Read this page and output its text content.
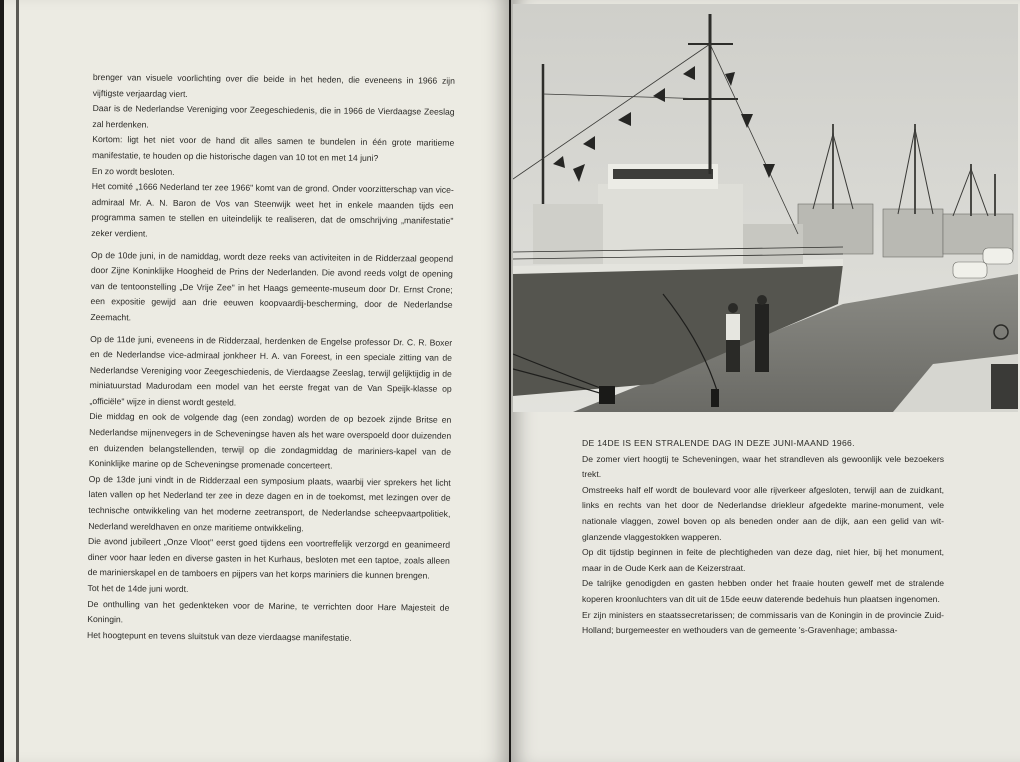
brenger van visuele voorlichting over die beide in het heden, die eveneens in 1966 zijn vijftigste verjaardag viert.

Daar is de Nederlandse Vereniging voor Zeegeschiedenis, die in 1966 de Vierdaagse Zeeslag zal herdenken.

Kortom: ligt het niet voor de hand dit alles samen te bundelen in één grote maritieme manifestatie, te houden op die historische dagen van 10 tot en met 14 juni?

En zo wordt besloten.

Het comité „1666 Nederland ter zee 1966" komt van de grond. Onder voorzitterschap van vice-admiraal Mr. A. N. Baron de Vos van Steenwijk weet het in enkele maanden tijds een programma samen te stellen en uiteindelijk te realiseren, dat de omschrijving „manifestatie" zeker verdient.

Op de 10de juni, in de namiddag, wordt deze reeks van activiteiten in de Ridderzaal geopend door Zijne Koninklijke Hoogheid de Prins der Nederlanden. Die avond reeds volgt de opening van de tentoonstelling „De Vrije Zee" in het Haags gemeente-museum door Dr. Ernst Crone; een expositie gewijd aan drie eeuwen koopvaardij-bescherming, door de Nederlandse Zeemacht.

Op de 11de juni, eveneens in de Ridderzaal, herdenken de Engelse professor Dr. C. R. Boxer en de Nederlandse vice-admiraal jonkheer H. A. van Foreest, in een speciale zitting van de Nederlandse Vereniging voor Zeegeschiedenis, de Vierdaagse Zeeslag, terwijl gelijktijdig in de miniatuurstad Madurodam een model van het eerste fregat van de Van Speijk-klasse op „officiële" wijze in dienst wordt gesteld.

Die middag en ook de volgende dag (een zondag) worden de op bezoek zijnde Britse en Nederlandse mijnenvegers in de Scheveningse haven als het ware overspoeld door duizenden en duizenden belangstellenden, terwijl op die zondagmiddag de mariniers-kapel van de Koninklijke marine op de Scheveningse promenade concerteert.

Op de 13de juni vindt in de Ridderzaal een symposium plaats, waarbij vier sprekers het licht laten vallen op het Nederland ter zee in deze dagen en in de toekomst, met lezingen over de technische ontwikkeling van het moderne zeetransport, de Nederlandse scheepvaartpolitiek, Nederland wereldhaven en onze maritieme ontwikkeling.

Die avond jubileert „Onze Vloot" eerst goed tijdens een voortreffelijk verzorgd en geanimeerd diner voor haar leden en diverse gasten in het Kurhaus, besloten met een taptoe, zoals alleen de marinierskapel en de tamboers en pijpers van het korps mariniers die kunnen brengen.

Tot het de 14de juni wordt.

De onthulling van het gedenkteken voor de Marine, te verrichten door Hare Majesteit de Koningin.

Het hoogtepunt en tevens sluitstuk van deze vierdaagse manifestatie.

DE 14DE IS EEN STRALENDE DAG IN DEZE JUNI-MAAND 1966.

De zomer viert hoogtij te Scheveningen, waar het strandleven als gewoonlijk vele bezoekers trekt.

Omstreeks half elf wordt de boulevard voor alle rijverkeer afgesloten, terwijl aan de zuidkant, links en rechts van het door de Nederlandse driekleur afgedekte marine-monument, vele nationale vlaggen, zowel boven op als beneden onder aan de dijk, aan een gelid van wit-glanzende vlaggestokken wapperen.

Op dit tijdstip beginnen in feite de plechtigheden van deze dag, niet hier, bij het monument, maar in de Oude Kerk aan de Keizerstraat.

De talrijke genodigden en gasten hebben onder het fraaie houten gewelf met de stralende koperen kroonluchters van dit uit de 15de eeuw daterende bedehuis hun plaatsen ingenomen.

Er zijn ministers en staatssecretarissen; de commissaris van de Koningin in de provincie Zuid-Holland; burgemeester en wethouders van de gemeente 's-Gravenhage; ambassa-
